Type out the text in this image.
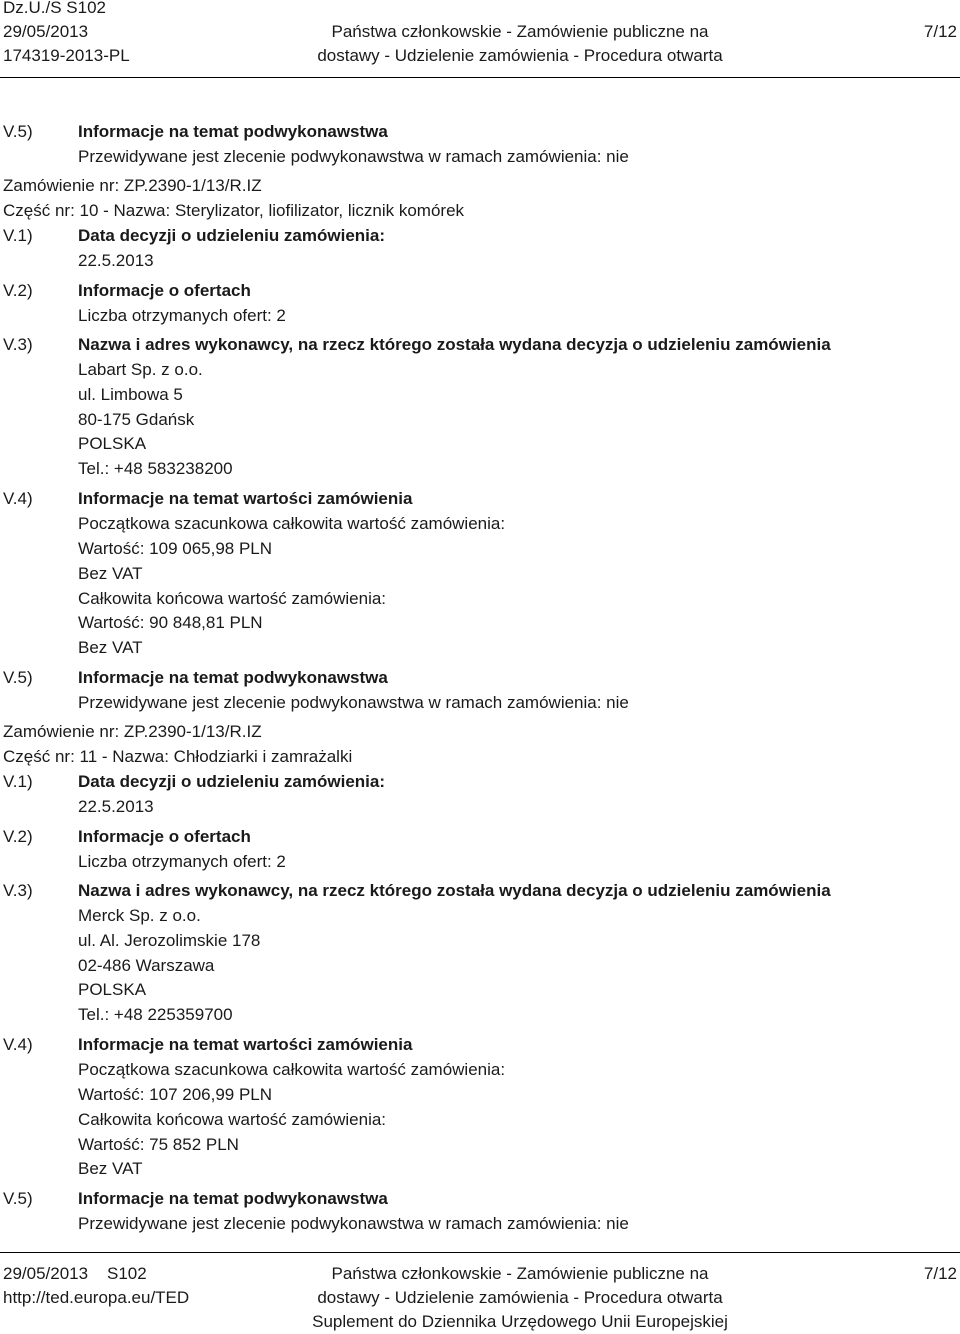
Dz.U./S S102
29/05/2013
174319-2013-PL
Państwa członkowskie - Zamówienie publiczne na
dostawy - Udzielenie zamówienia - Procedura otwarta
7/12
V.5)	Informacje na temat podwykonawstwa
Przewidywane jest zlecenie podwykonawstwa w ramach zamówienia: nie
Zamówienie nr: ZP.2390-1/13/R.IZ
Część nr: 10 - Nazwa: Sterylizator, liofilizator, licznik komórek
V.1)	Data decyzji o udzieleniu zamówienia:
22.5.2013
V.2)	Informacje o ofertach
Liczba otrzymanych ofert: 2
V.3)	Nazwa i adres wykonawcy, na rzecz którego została wydana decyzja o udzieleniu zamówienia
Labart Sp. z o.o.
ul. Limbowa 5
80-175 Gdańsk
POLSKA
Tel.: +48 583238200
V.4)	Informacje na temat wartości zamówienia
Początkowa szacunkowa całkowita wartość zamówienia:
Wartość: 109 065,98 PLN
Bez VAT
Całkowita końcowa wartość zamówienia:
Wartość: 90 848,81 PLN
Bez VAT
V.5)	Informacje na temat podwykonawstwa
Przewidywane jest zlecenie podwykonawstwa w ramach zamówienia: nie
Zamówienie nr: ZP.2390-1/13/R.IZ
Część nr: 11 - Nazwa: Chłodziarki i zamrażalki
V.1)	Data decyzji o udzieleniu zamówienia:
22.5.2013
V.2)	Informacje o ofertach
Liczba otrzymanych ofert: 2
V.3)	Nazwa i adres wykonawcy, na rzecz którego została wydana decyzja o udzieleniu zamówienia
Merck Sp. z o.o.
ul. Al. Jerozolimskie 178
02-486 Warszawa
POLSKA
Tel.: +48 225359700
V.4)	Informacje na temat wartości zamówienia
Początkowa szacunkowa całkowita wartość zamówienia:
Wartość: 107 206,99 PLN
Całkowita końcowa wartość zamówienia:
Wartość: 75 852 PLN
Bez VAT
V.5)	Informacje na temat podwykonawstwa
Przewidywane jest zlecenie podwykonawstwa w ramach zamówienia: nie
29/05/2013    S102
http://ted.europa.eu/TED
Państwa członkowskie - Zamówienie publiczne na
dostawy - Udzielenie zamówienia - Procedura otwarta
Suplement do Dziennika Urzędowego Unii Europejskiej
7/12
